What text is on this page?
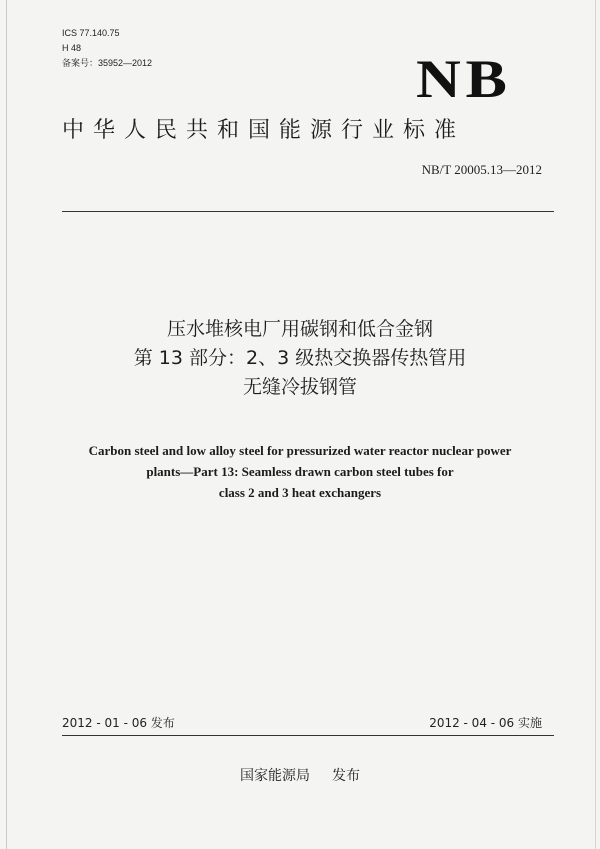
ICS 77.140.75
H 48
备案号：35952—2012	NB
中华人民共和国能源行业标准
NB/T 20005.13—2012
压水堆核电厂用碳钢和低合金钢
第 13 部分：2、3 级热交换器传热管用
无缝冷拔钢管
Carbon steel and low alloy steel for pressurized water reactor nuclear power
plants—Part 13: Seamless drawn carbon steel tubes for
class 2 and 3 heat exchangers
2012 - 01 - 06 发布	2012 - 04 - 06 实施
国家能源局 发布
